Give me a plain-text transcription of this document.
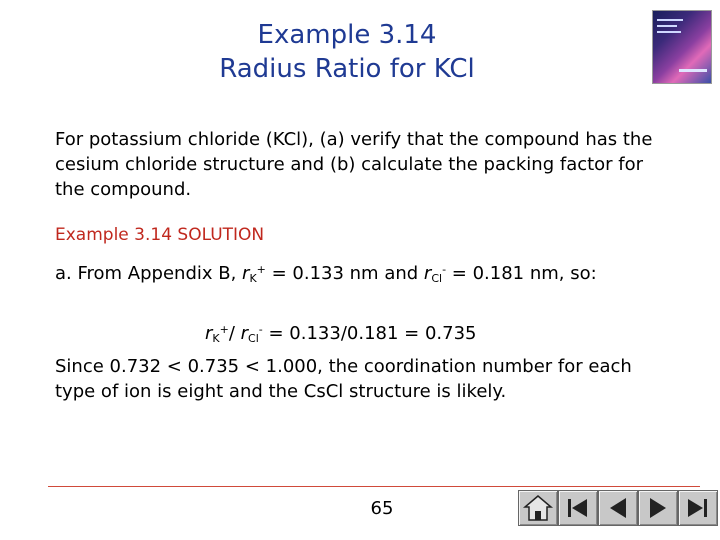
Example 3.14
Radius Ratio for KCl
For potassium chloride (KCl), (a) verify that the compound has the cesium chloride structure and (b) calculate the packing factor for the compound.
Example 3.14 SOLUTION
a. From Appendix B, $r_K^+ = 0.133$ nm and $r_{Cl}^- = 0.181$ nm, so:
$r_K^+/$ $r_{Cl}^- = 0.133/0.181 = 0.735$
Since 0.732 < 0.735 < 1.000, the coordination number for each type of ion is eight and the CsCl structure is likely.
65
